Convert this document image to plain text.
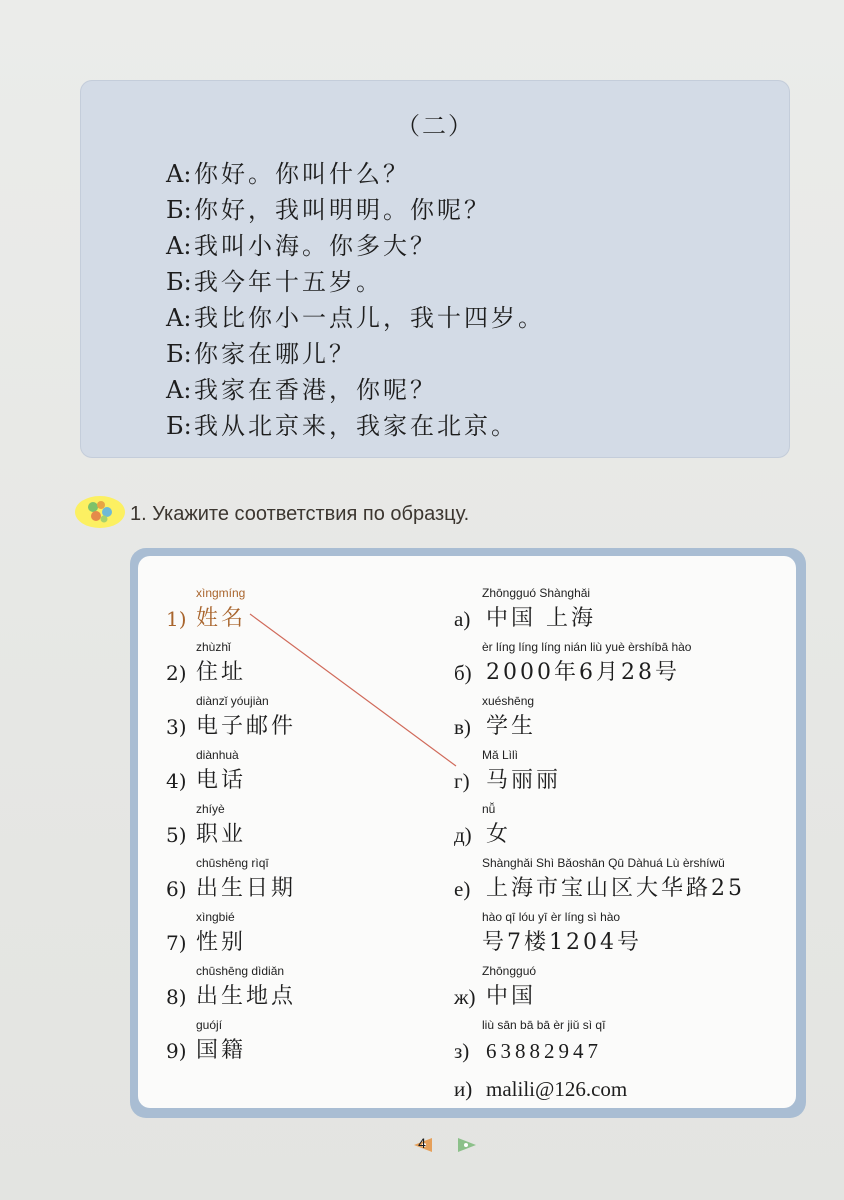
（二）
A: 你好。你叫什么？
Б:你好，我叫明明。你呢？
A: 我叫小海。你多大？
Б:我今年十五岁。
A: 我比你小一点儿，我十四岁。
Б:你家在哪儿？
A: 我家在香港，你呢？
Б:我从北京来，我家在北京。
1. Укажите соответствия по образцу.
xìngmíng
1) 姓名
zhùzhǐ
2) 住址
diànzǐ yóujiàn
3) 电子邮件
diànhuà
4) 电话
zhíyè
5) 职业
chūshēng rìqī
6) 出生日期
xìngbié
7) 性别
chūshēng dìdiǎn
8) 出生地点
guójí
9) 国籍
Zhōngguó Shànghǎi
а) 中国 上海
èr líng líng líng nián liù yuè èrshíbā hào
б) 2000年6月28号
xuéshēng
в) 学生
Mǎ Lìlì
г) 马丽丽
nǚ
д) 女
Shànghǎi Shì Bǎoshān Qū Dàhuá Lù èrshíwǔ
е) 上海市宝山区大华路25
hào qī lóu yī èr líng sì hào
号7楼1204号
Zhōngguó
ж) 中国
liù sān bā bā èr jiǔ sì qī
з) 63882947
и) malili@126.com
4
